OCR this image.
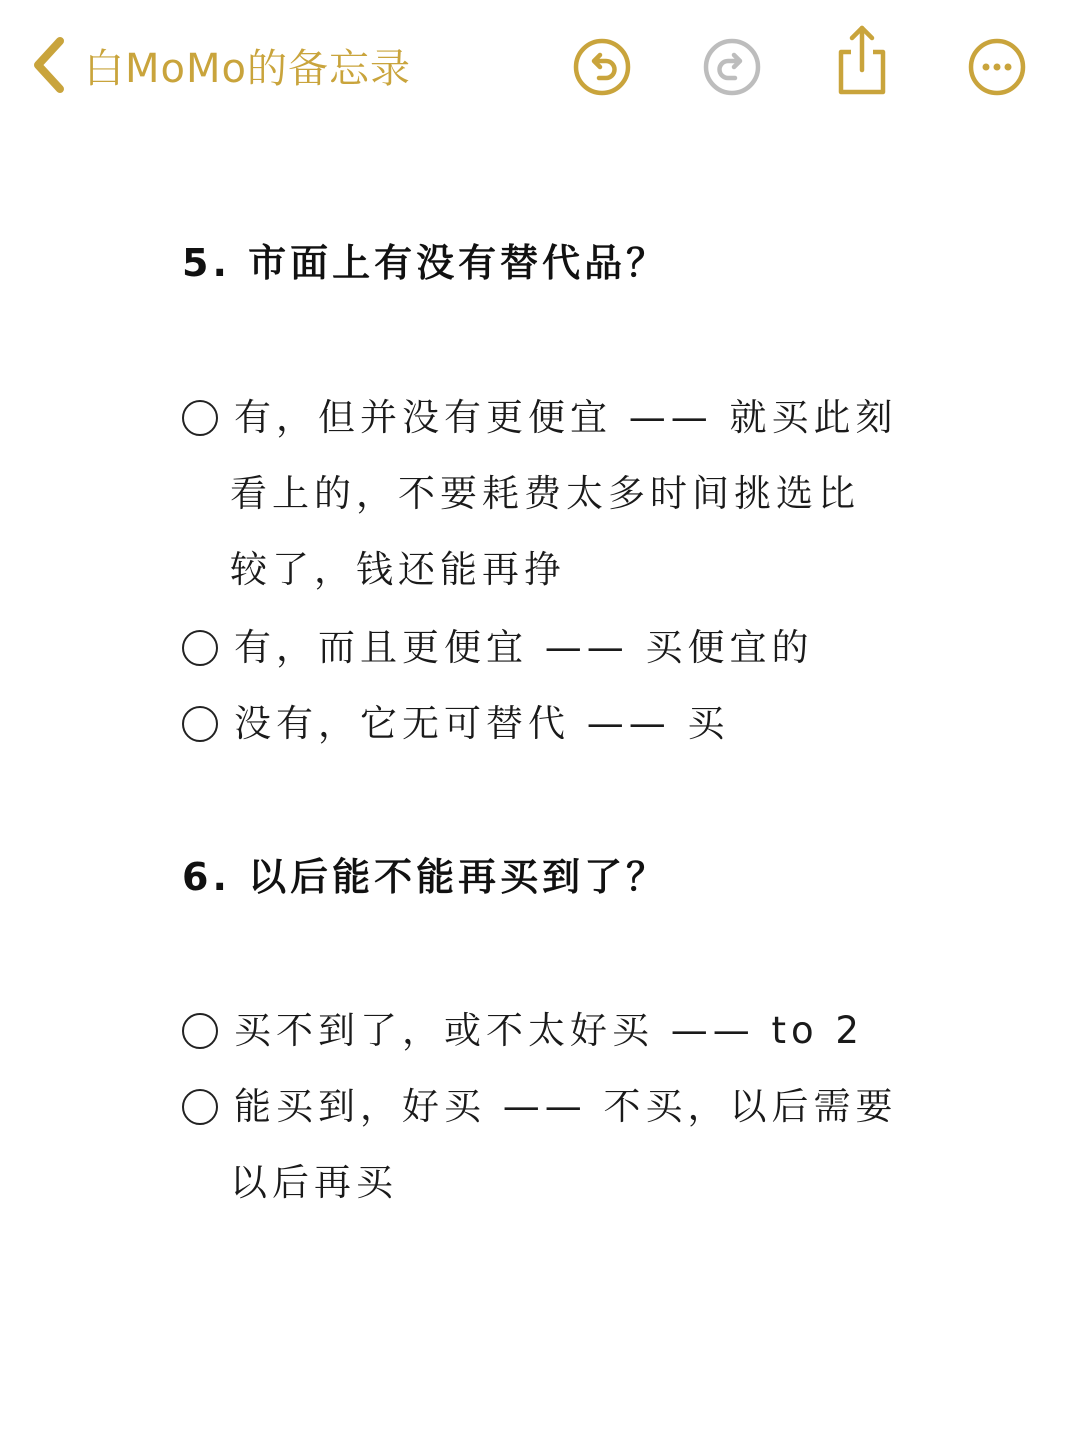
白MoMo的备忘录
5. 市面上有没有替代品？
有，但并没有更便宜 —— 就买此刻
看上的，不要耗费太多时间挑选比
较了，钱还能再挣
有，而且更便宜 —— 买便宜的
没有，它无可替代 —— 买
6. 以后能不能再买到了？
买不到了，或不太好买 —— to 2
能买到，好买 —— 不买，以后需要
以后再买
